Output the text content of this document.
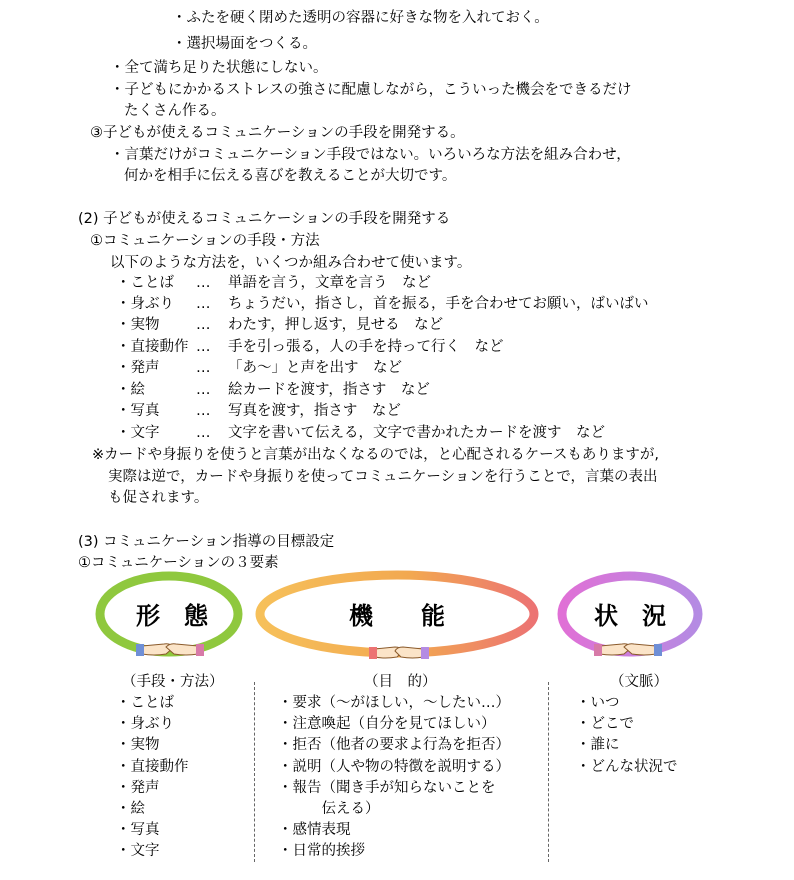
・ふたを硬く閉めた透明の容器に好きな物を入れておく。
・選択場面をつくる。
・全て満ち足りた状態にしない。
・子どもにかかるストレスの強さに配慮しながら，こういった機会をできるだけ
たくさん作る。
③子どもが使えるコミュニケーションの手段を開発する。
・言葉だけがコミュニケーション手段ではない。いろいろな方法を組み合わせ，
何かを相手に伝える喜びを教えることが大切です。
(2) 子どもが使えるコミュニケーションの手段を開発する
①コミュニケーションの手段・方法
以下のような方法を，いくつか組み合わせて使います。
・ことば … 単語を言う，文章を言う　など
・身ぶり … ちょうだい，指さし，首を振る，手を合わせてお願い，ばいばい
・実物	… わたす，押し返す，見せる　など
・直接動作 … 手を引っ張る，人の手を持って行く　など
・発声	… 「あ～」と声を出す　など
・絵	… 絵カードを渡す，指さす　など
・写真	… 写真を渡す，指さす　など
・文字	… 文字を書いて伝える，文字で書かれたカードを渡す　など
※カードや身振りを使うと言葉が出なくなるのでは，と心配されるケースもありますが,
実際は逆で，カードや身振りを使ってコミュニケーションを行うことで，言葉の表出
も促されます。
(3) コミュニケーション指導の目標設定
①コミュニケーションの３要素
形　態	機　　能	状　況
（手段・方法）
・ことば
・身ぶり
・実物
・直接動作
・発声
・絵
・写真
・文字
（目　的）
・要求（～がほしい，～したい…）
・注意喚起（自分を見てほしい）
・拒否（他者の要求よ行為を拒否）
・説明（人や物の特徴を説明する）
・報告（聞き手が知らないことを
　　　伝える）
・感情表現
・日常的挨拶
（文脈）
・いつ
・どこで
・誰に
・どんな状況で
